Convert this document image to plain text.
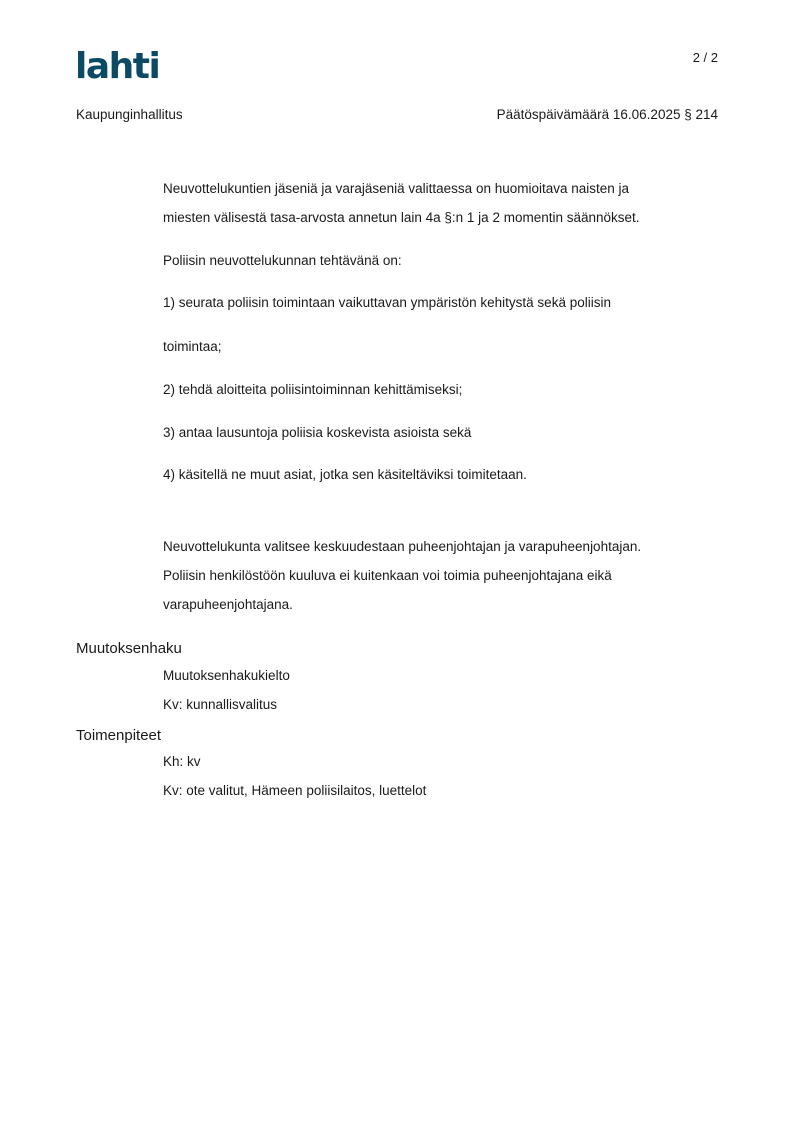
lahti	2 / 2
Kaupunginhallitus	Päätöspäivämäärä 16.06.2025 § 214
Neuvottelukuntien jäseniä ja varajäseniä valittaessa on huomioitava naisten ja
miesten välisestä tasa-arvosta annetun lain 4a §:n 1 ja 2 momentin säännökset.
Poliisin neuvottelukunnan tehtävänä on:
1) seurata poliisin toimintaan vaikuttavan ympäristön kehitystä sekä poliisin
toimintaa;
2) tehdä aloitteita poliisintoiminnan kehittämiseksi;
3) antaa lausuntoja poliisia koskevista asioista sekä
4) käsitellä ne muut asiat, jotka sen käsiteltäviksi toimitetaan.
Neuvottelukunta valitsee keskuudestaan puheenjohtajan ja varapuheenjohtajan.
Poliisin henkilöstöön kuuluva ei kuitenkaan voi toimia puheenjohtajana eikä
varapuheenjohtajana.
Muutoksenhaku
Muutoksenhakukielto
Kv: kunnallisvalitus
Toimenpiteet
Kh: kv
Kv: ote valitut, Hämeen poliisilaitos, luettelot
